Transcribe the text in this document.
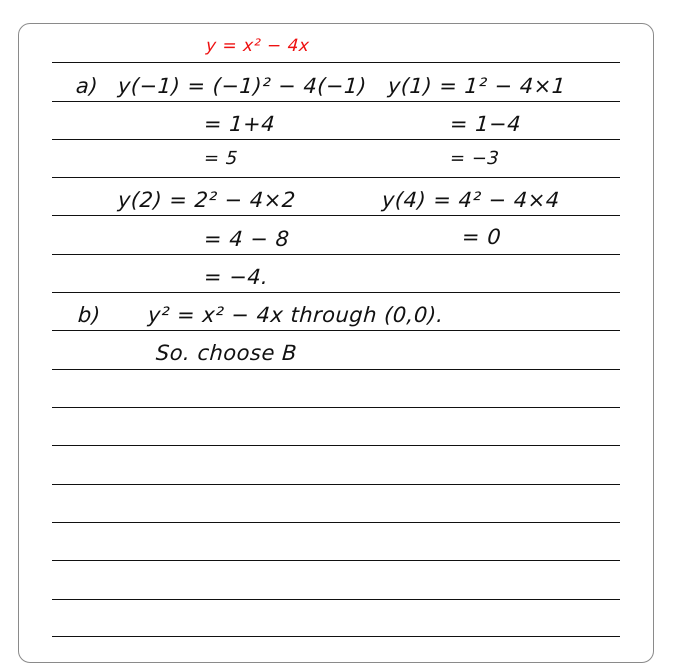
y = x² − 4x
a) y(−1) = (−1)² − 4(−1) y(1) = 1² − 4×1
= 1+4	= 1−4
= 5	= −3
y(2) = 2² − 4×2	y(4) = 4² − 4×4
= 4 − 8	= 0
= −4.
b) y² = x² − 4x through (0,0).
So. choose B
